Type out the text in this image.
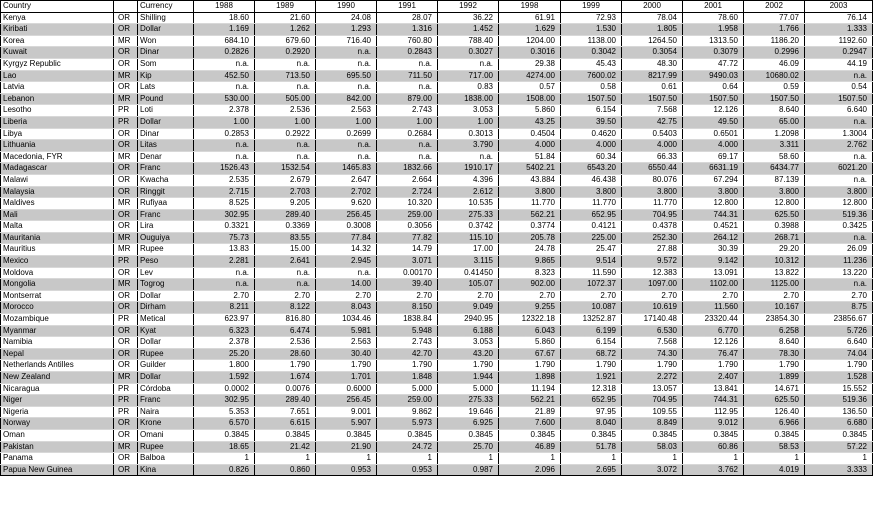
Country		Currency	1988	1989	1990	1991	1992	1998	1999	2000	2001	2002	2003
Kenya	OR	Shilling	18.60	21.60	24.08	28.07	36.22	61.91	72.93	78.04	78.60	77.07	76.14
Kiribati	OR	Dollar	1.169	1.262	1.293	1.316	1.452	1.629	1.530	1.805	1.958	1.766	1.333
Korea	MR	Won	684.10	679.60	716.40	760.80	788.40	1204.00	1138.00	1264.50	1313.50	1186.20	1192.60
Kuwait	OR	Dinar	0.2826	0.2920	n.a.	0.2843	0.3027	0.3016	0.3042	0.3054	0.3079	0.2996	0.2947
Kyrgyz Republic	OR	Som	n.a.	n.a.	n.a.	n.a.	n.a.	29.38	45.43	48.30	47.72	46.09	44.19
Lao	MR	Kip	452.50	713.50	695.50	711.50	717.00	4274.00	7600.02	8217.99	9490.03	10680.02	n.a.
Latvia	OR	Lats	n.a.	n.a.	n.a.	n.a.	0.83	0.57	0.58	0.61	0.64	0.59	0.54
Lebanon	MR	Pound	530.00	505.00	842.00	879.00	1838.00	1508.00	1507.50	1507.50	1507.50	1507.50	1507.50
Lesotho	PR	Loti	2.378	2.536	2.563	2.743	3.053	5.860	6.154	7.568	12.126	8.640	6.640
Liberia	PR	Dollar	1.00	1.00	1.00	1.00	1.00	43.25	39.50	42.75	49.50	65.00	n.a.
Libya	OR	Dinar	0.2853	0.2922	0.2699	0.2684	0.3013	0.4504	0.4620	0.5403	0.6501	1.2098	1.3004
Lithuania	OR	Litas	n.a.	n.a.	n.a.	n.a.	3.790	4.000	4.000	4.000	4.000	3.311	2.762
Macedonia, FYR	MR	Denar	n.a.	n.a.	n.a.	n.a.	n.a.	51.84	60.34	66.33	69.17	58.60	n.a.
Madagascar	OR	Franc	1526.43	1532.54	1465.83	1832.66	1910.17	5402.21	6543.20	6550.44	6631.19	6434.77	6021.20
Malawi	OR	Kwacha	2.535	2.679	2.647	2.664	4.396	43.884	46.438	80.076	67.294	87.139	n.a.
Malaysia	OR	Ringgit	2.715	2.703	2.702	2.724	2.612	3.800	3.800	3.800	3.800	3.800	3.800
Maldives	MR	Rufiyaa	8.525	9.205	9.620	10.320	10.535	11.770	11.770	11.770	12.800	12.800	12.800
Mali	OR	Franc	302.95	289.40	256.45	259.00	275.33	562.21	652.95	704.95	744.31	625.50	519.36
Malta	OR	Lira	0.3321	0.3369	0.3008	0.3056	0.3742	0.3774	0.4121	0.4378	0.4521	0.3988	0.3425
Mauritania	MR	Ouguiya	75.73	83.55	77.84	77.82	115.10	205.78	225.00	252.30	264.12	268.71	n.a.
Mauritius	MR	Rupee	13.83	15.00	14.32	14.79	17.00	24.78	25.47	27.88	30.39	29.20	26.09
Mexico	PR	Peso	2.281	2.641	2.945	3.071	3.115	9.865	9.514	9.572	9.142	10.312	11.236
Moldova	OR	Lev	n.a.	n.a.	n.a.	0.00170	0.41450	8.323	11.590	12.383	13.091	13.822	13.220
Mongolia	MR	Togrog	n.a.	n.a.	14.00	39.40	105.07	902.00	1072.37	1097.00	1102.00	1125.00	n.a.
Montserrat	OR	Dollar	2.70	2.70	2.70	2.70	2.70	2.70	2.70	2.70	2.70	2.70	2.70
Morocco	OR	Dirham	8.211	8.122	8.043	8.150	9.049	9.255	10.087	10.619	11.560	10.167	8.75
Mozambique	PR	Metical	623.97	816.80	1034.46	1838.84	2940.95	12322.18	13252.87	17140.48	23320.44	23854.30	23856.67
Myanmar	OR	Kyat	6.323	6.474	5.981	5.948	6.188	6.043	6.199	6.530	6.770	6.258	5.726
Namibia	OR	Dollar	2.378	2.536	2.563	2.743	3.053	5.860	6.154	7.568	12.126	8.640	6.640
Nepal	OR	Rupee	25.20	28.60	30.40	42.70	43.20	67.67	68.72	74.30	76.47	78.30	74.04
Netherlands Antilles	OR	Guilder	1.800	1.790	1.790	1.790	1.790	1.790	1.790	1.790	1.790	1.790	1.790
New Zealand	MR	Dollar	1.592	1.674	1.701	1.848	1.944	1.898	1.921	2.272	2.407	1.899	1.528
Nicaragua	PR	Córdoba	0.0002	0.0076	0.6000	5.000	5.000	11.194	12.318	13.057	13.841	14.671	15.552
Niger	PR	Franc	302.95	289.40	256.45	259.00	275.33	562.21	652.95	704.95	744.31	625.50	519.36
Nigeria	PR	Naira	5.353	7.651	9.001	9.862	19.646	21.89	97.95	109.55	112.95	126.40	136.50
Norway	OR	Krone	6.570	6.615	5.907	5.973	6.925	7.600	8.040	8.849	9.012	6.966	6.680
Oman	OR	Omani	0.3845	0.3845	0.3845	0.3845	0.3845	0.3845	0.3845	0.3845	0.3845	0.3845	0.3845
Pakistan	MR	Rupee	18.65	21.42	21.90	24.72	25.70	46.89	51.78	58.03	60.86	58.53	57.22
Panama	OR	Balboa	1	1	1	1	1	1	1	1	1	1	1
Papua New Guinea	OR	Kina	0.826	0.860	0.953	0.953	0.987	2.096	2.695	3.072	3.762	4.019	3.333
